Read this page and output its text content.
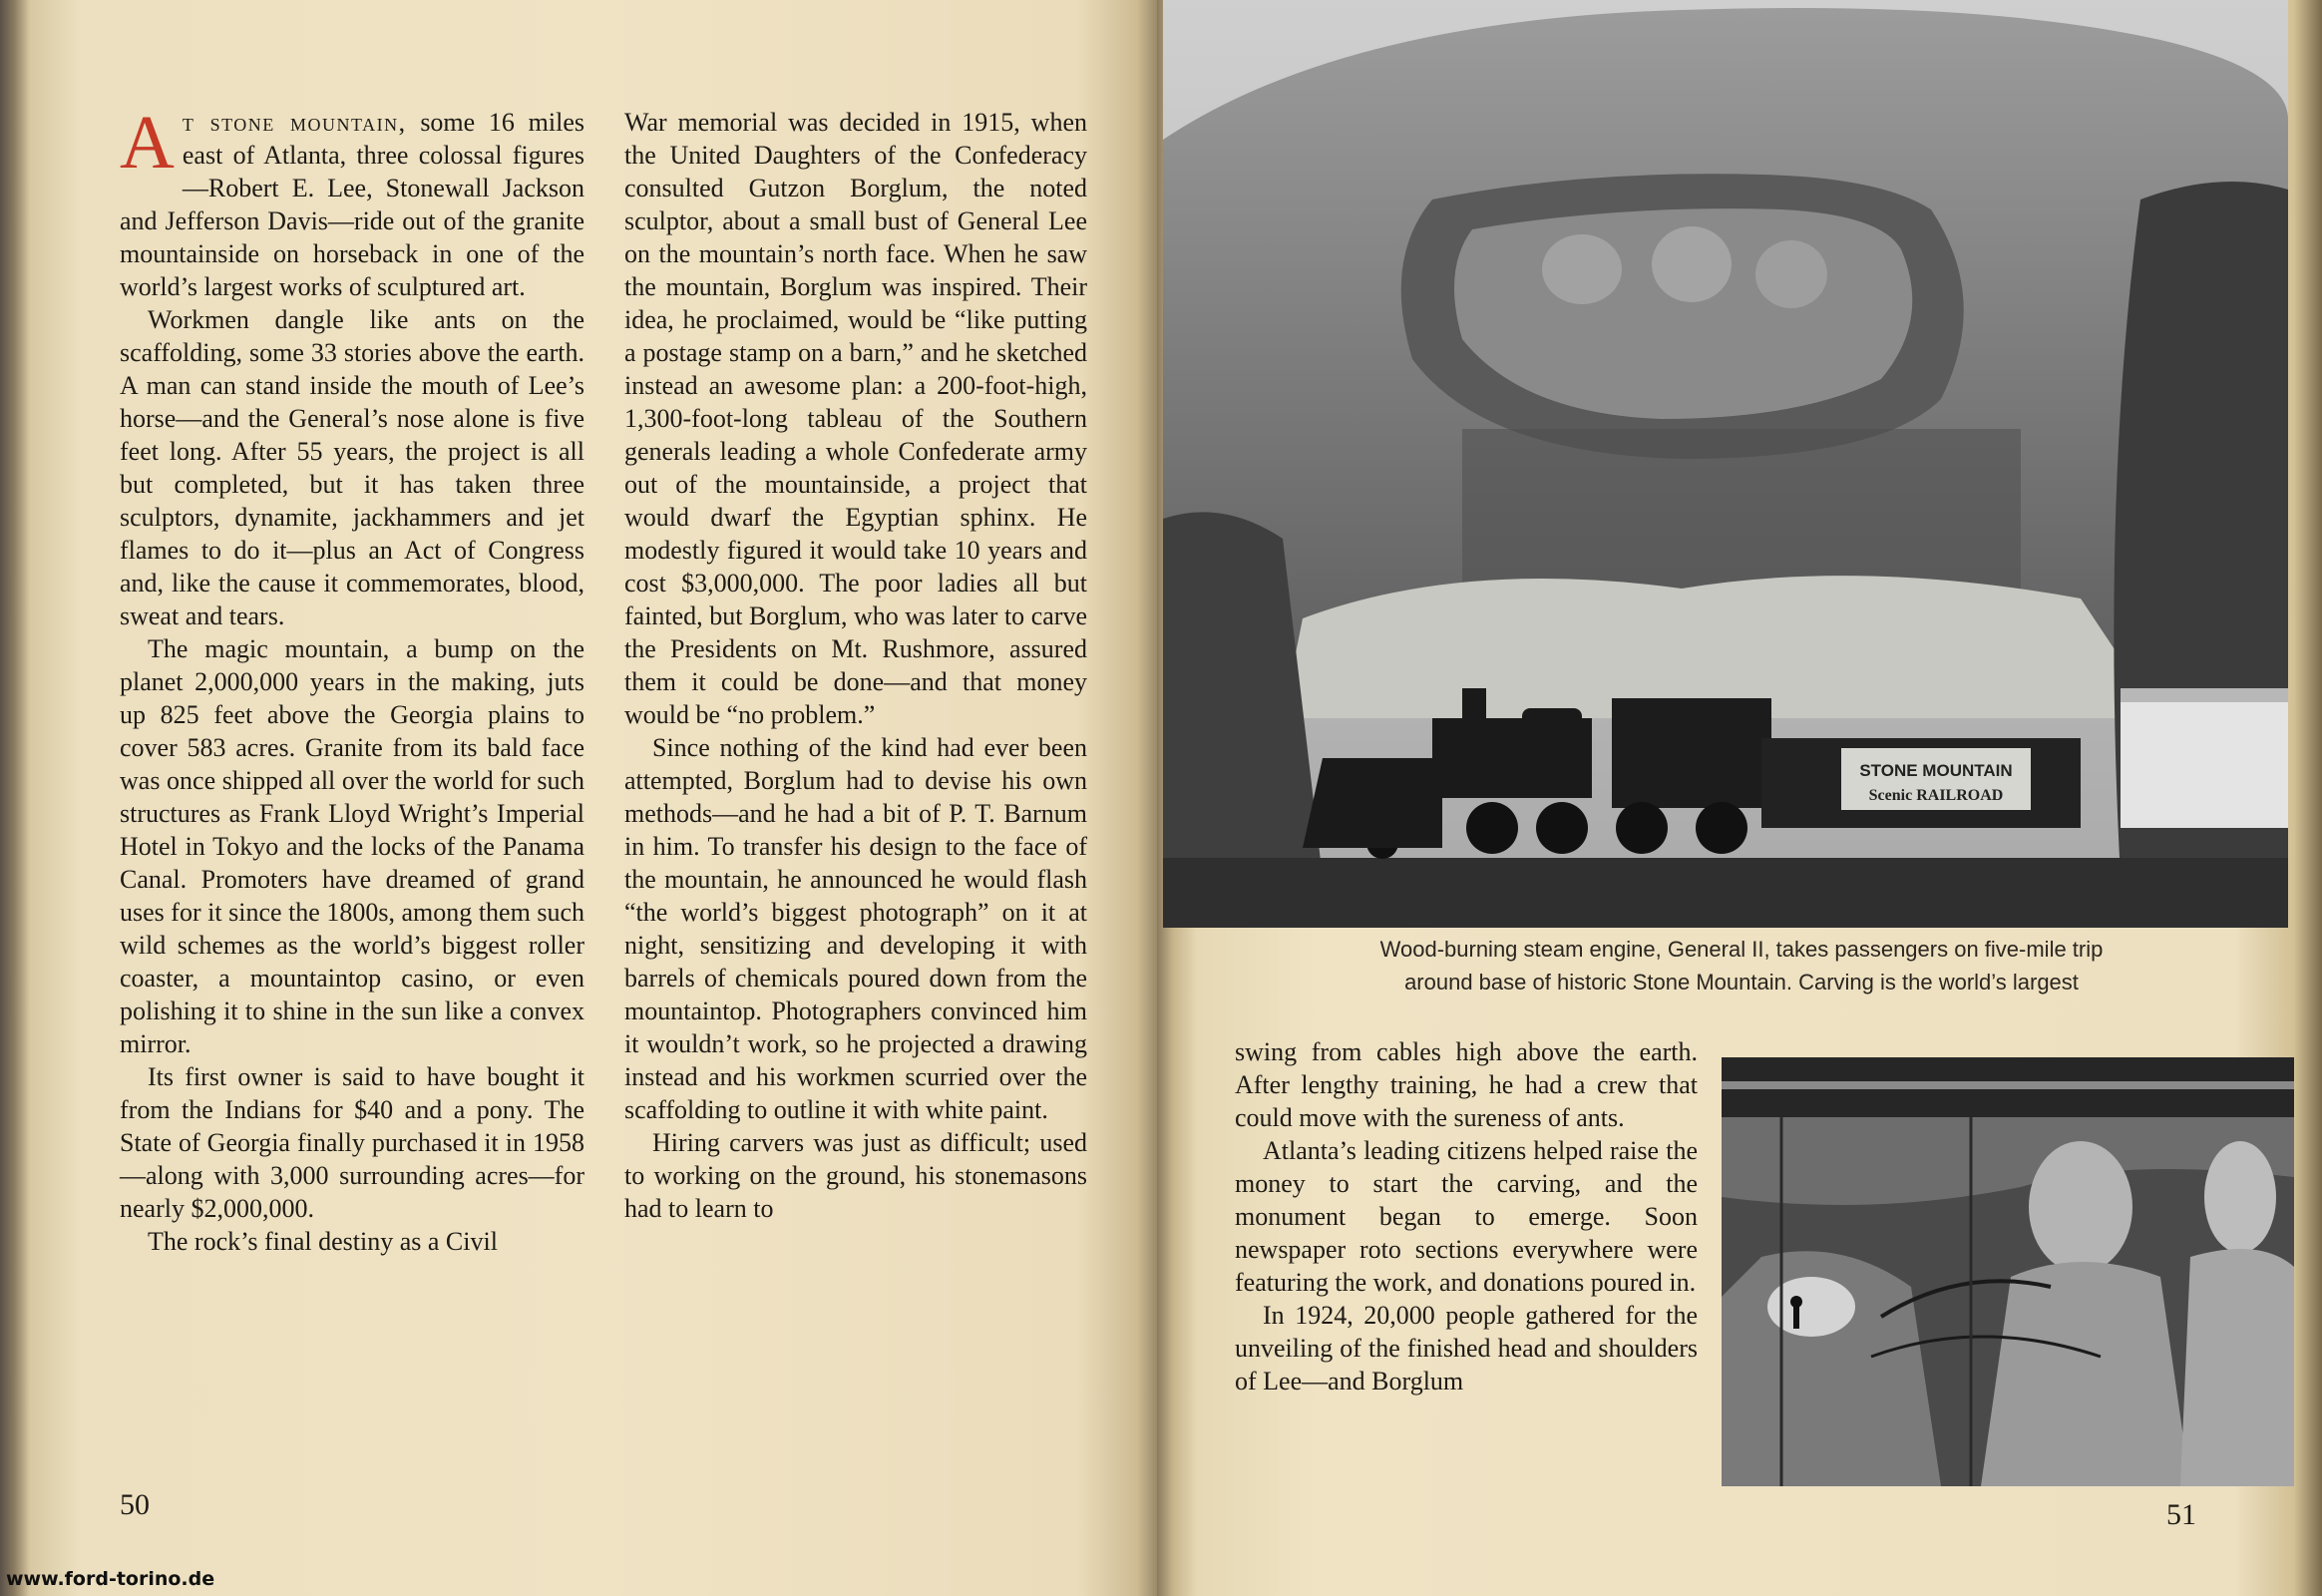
At stone mountain, some 16 miles east of Atlanta, three colossal figures—Robert E. Lee, Stonewall Jackson and Jefferson Davis—ride out of the granite mountainside on horseback in one of the world’s largest works of sculptured art.

Workmen dangle like ants on the scaffolding, some 33 stories above the earth. A man can stand inside the mouth of Lee’s horse—and the General’s nose alone is five feet long. After 55 years, the project is all but completed, but it has taken three sculptors, dynamite, jackhammers and jet flames to do it—plus an Act of Congress and, like the cause it commemorates, blood, sweat and tears.

The magic mountain, a bump on the planet 2,000,000 years in the making, juts up 825 feet above the Georgia plains to cover 583 acres. Granite from its bald face was once shipped all over the world for such structures as Frank Lloyd Wright’s Imperial Hotel in Tokyo and the locks of the Panama Canal. Promoters have dreamed of grand uses for it since the 1800s, among them such wild schemes as the world’s biggest roller coaster, a mountaintop casino, or even polishing it to shine in the sun like a convex mirror.

Its first owner is said to have bought it from the Indians for $40 and a pony. The State of Georgia finally purchased it in 1958—along with 3,000 surrounding acres—for nearly $2,000,000.

The rock’s final destiny as a Civil

War memorial was decided in 1915, when the United Daughters of the Confederacy consulted Gutzon Borglum, the noted sculptor, about a small bust of General Lee on the mountain’s north face. When he saw the mountain, Borglum was inspired. Their idea, he proclaimed, would be “like putting a postage stamp on a barn,” and he sketched instead an awesome plan: a 200-foot-high, 1,300-foot-long tableau of the Southern generals leading a whole Confederate army out of the mountainside, a project that would dwarf the Egyptian sphinx. He modestly figured it would take 10 years and cost $3,000,000. The poor ladies all but fainted, but Borglum, who was later to carve the Presidents on Mt. Rushmore, assured them it could be done—and that money would be “no problem.”

Since nothing of the kind had ever been attempted, Borglum had to devise his own methods—and he had a bit of P. T. Barnum in him. To transfer his design to the face of the mountain, he announced he would flash “the world’s biggest photograph” on it at night, sensitizing and developing it with barrels of chemicals poured down from the mountaintop. Photographers convinced him it wouldn’t work, so he projected a drawing instead and his workmen scurried over the scaffolding to outline it with white paint.

Hiring carvers was just as difficult; used to working on the ground, his stonemasons had to learn to

50
STONE MOUNTAIN
Scenic RAILROAD
Wood-burning steam engine, General II, takes passengers on five-mile trip
around base of historic Stone Mountain. Carving is the world’s largest

swing from cables high above the earth. After lengthy training, he had a crew that could move with the sureness of ants.

Atlanta’s leading citizens helped raise the money to start the carving, and the monument began to emerge. Soon newspaper roto sections everywhere were featuring the work, and donations poured in.

In 1924, 20,000 people gathered for the unveiling of the finished head and shoulders of Lee—and Borglum

51
www.ford-torino.de
